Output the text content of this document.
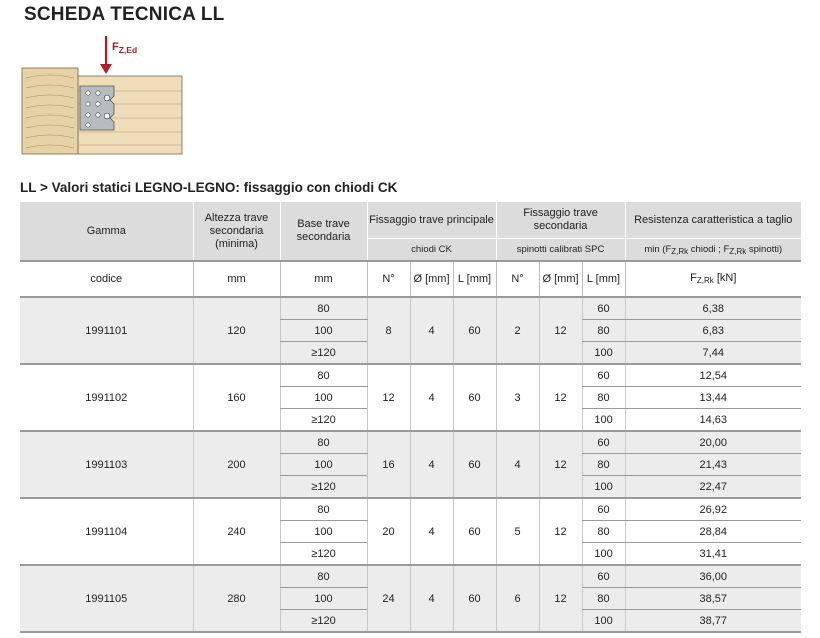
SCHEDA TECNICA LL
$F_{Z,Ed}$
LL > Valori statici LEGNO-LEGNO: fissaggio con chiodi CK
Gamma	Altezza trave secondaria (minima)	Base trave secondaria	Fissaggio trave principale			Fissaggio trave secondaria			Resistenza caratteristica a taglio
			chiodi CK			spinotti calibrati SPC			$\min (F_{Z,Rk}$ chiodi ; $F_{Z,Rk}$ spinotti)
codice	mm	mm	N°	Ø [mm]	L [mm]	N°	Ø [mm]	L [mm]	$F_{Z,Rk}$ [kN]
1991101	120	80	8	4	60	2	12	60	6,38
		100						80	6,83
		≥120						100	7,44
1991102	160	80	12	4	60	3	12	60	12,54
		100						80	13,44
		≥120						100	14,63
1991103	200	80	16	4	60	4	12	60	20,00
		100						80	21,43
		≥120						100	22,47
1991104	240	80	20	4	60	5	12	60	26,92
		100						80	28,84
		≥120						100	31,41
1991105	280	80	24	4	60	6	12	60	36,00
		100						80	38,57
		≥120						100	38,77
